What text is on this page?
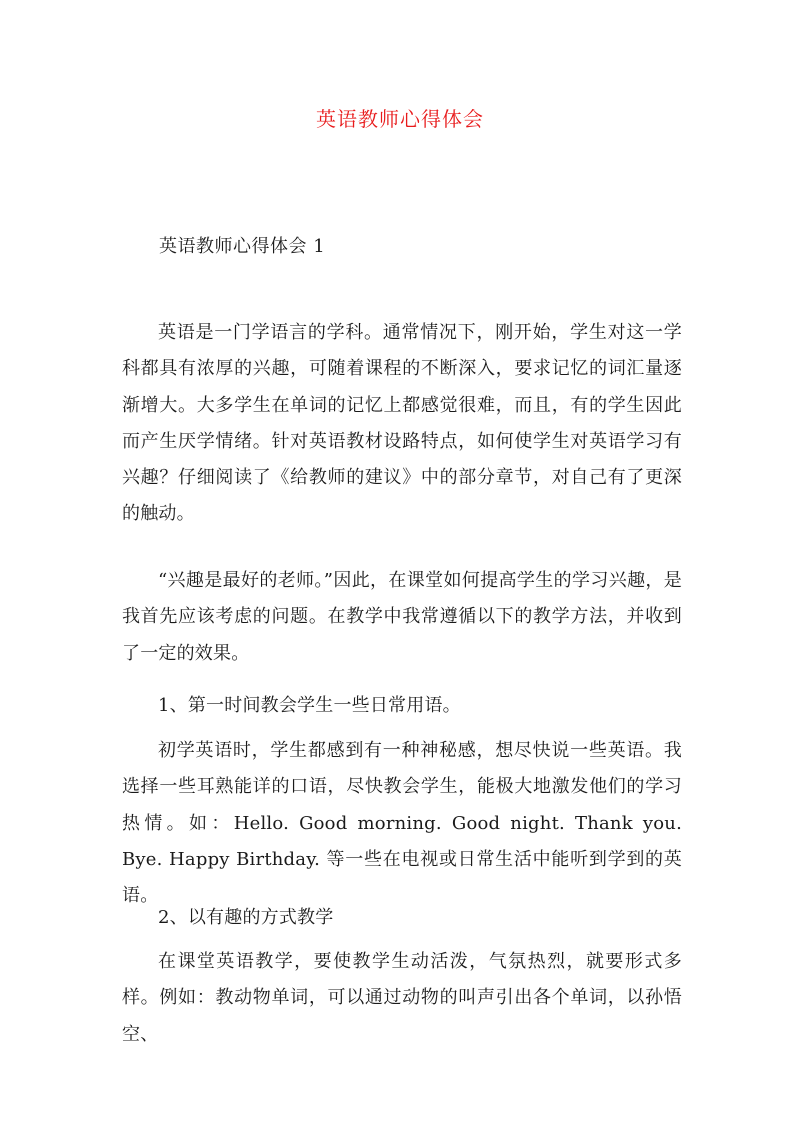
英语教师心得体会
英语教师心得体会 1

英语是一门学语言的学科。通常情况下，刚开始，学生对这一学科都具有浓厚的兴趣，可随着课程的不断深入，要求记忆的词汇量逐渐增大。大多学生在单词的记忆上都感觉很难，而且，有的学生因此而产生厌学情绪。针对英语教材设路特点，如何使学生对英语学习有兴趣？仔细阅读了《给教师的建议》中的部分章节，对自己有了更深的触动。

“兴趣是最好的老师。”因此，在课堂如何提高学生的学习兴趣，是我首先应该考虑的问题。在教学中我常遵循以下的教学方法，并收到了一定的效果。

1、第一时间教会学生一些日常用语。

初学英语时，学生都感到有一种神秘感，想尽快说一些英语。我选择一些耳熟能详的口语，尽快教会学生，能极大地激发他们的学习热情。如：Hello. Good morning. Good night. Thank you. Bye. Happy Birthday. 等一些在电视或日常生活中能听到学到的英语。

2、以有趣的方式教学

在课堂英语教学，要使教学生动活泼，气氛热烈，就要形式多样。例如：教动物单词，可以通过动物的叫声引出各个单词，以孙悟空、
